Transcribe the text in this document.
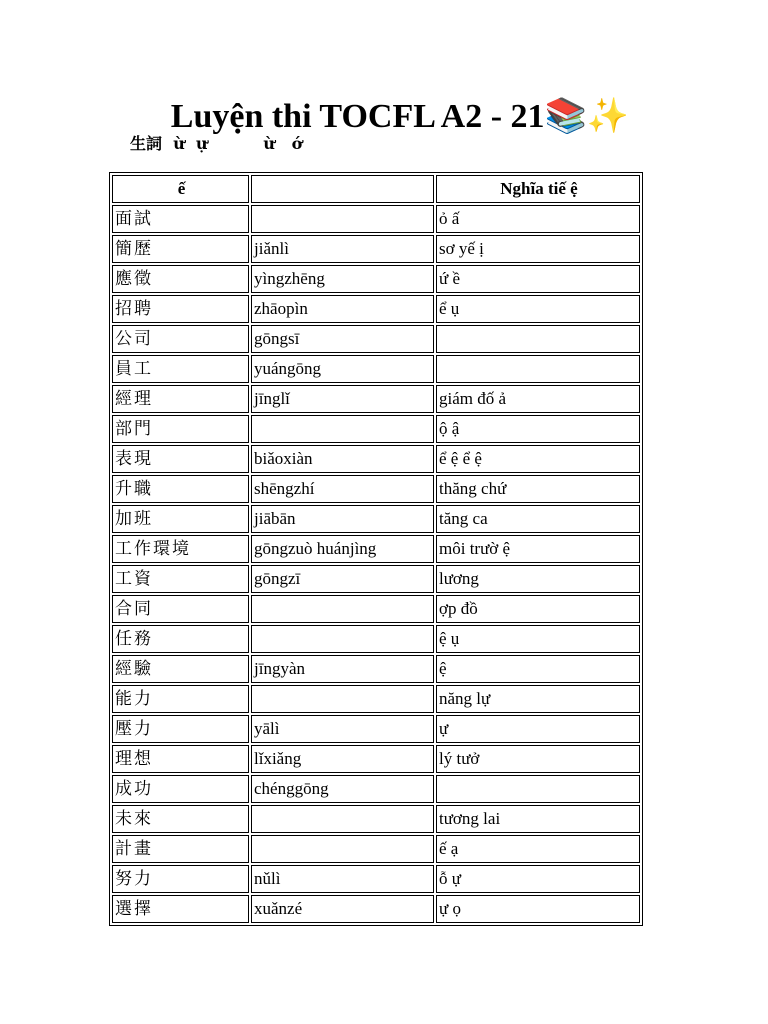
Luyện thi TOCFL A2 - 21📚✨
生詞  ừ  ự          ừ   ớ
ế		Nghĩa tiế ệ
面試		ỏ ấ
簡歷	jiǎnlì	sơ yế ị
應徵	yìngzhēng	ứ ề
招聘	zhāopìn	ể ụ
公司	gōngsī	
員工	yuángōng	
經理	jīnglǐ	giám đố ả
部門		ộ ậ
表現	biǎoxiàn	ể ệ ể ệ
升職	shēngzhí	thăng chứ
加班	jiābān	tăng ca
工作環境	gōngzuò huánjìng	môi trườ ệ
工資	gōngzī	lương
合同		ợp đồ
任務		ệ ụ
經驗	jīngyàn	ệ
能力		năng lự
壓力	yālì	ự
理想	lǐxiǎng	lý tưở
成功	chénggōng	
未來		tương lai
計畫		ế ạ
努力	nǔlì	ỗ ự
選擇	xuǎnzé	ự ọ
